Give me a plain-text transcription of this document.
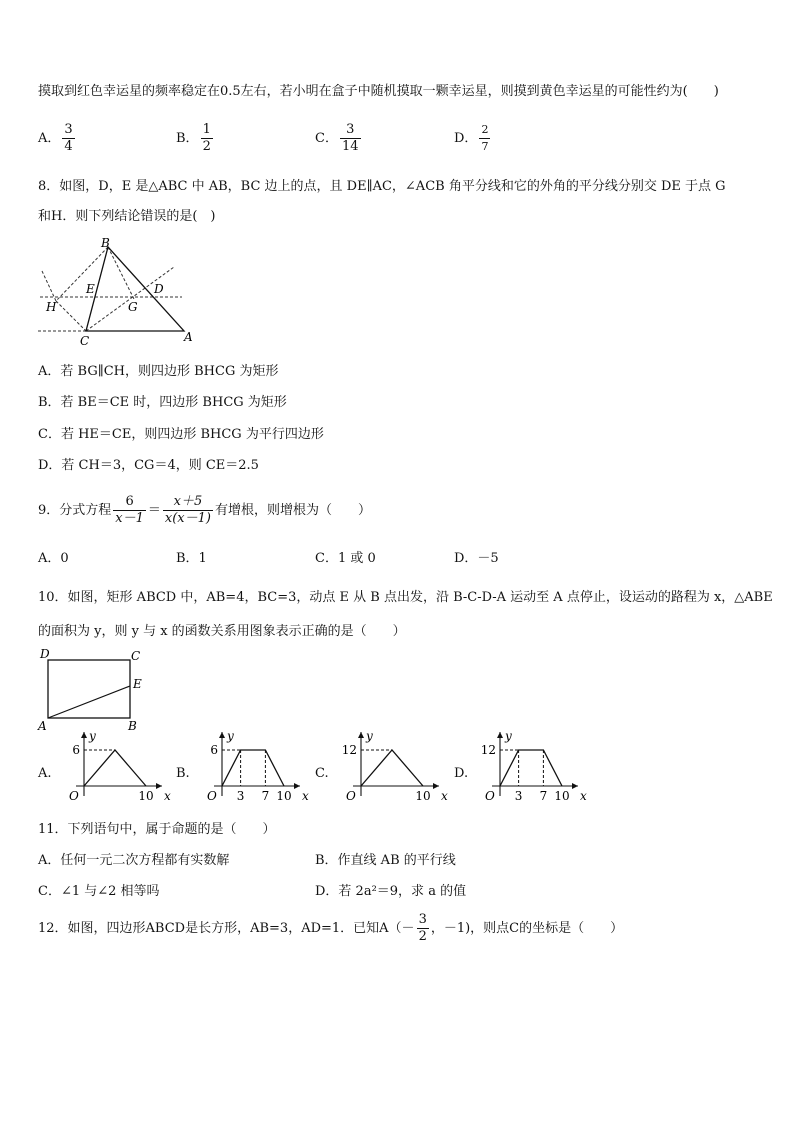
摸取到红色幸运星的频率稳定在0.5左右，若小明在盒子中随机摸取一颗幸运星，则摸到黄色幸运星的可能性约为(　　)
A． $\frac{3}{4}$	B． $\frac{1}{2}$	C． $\frac{3}{14}$	D． $\frac{2}{7}$
8．如图，D，E 是△ABC 中 AB，BC 边上的点，且 DE∥AC，∠ACB 角平分线和它的外角的平分线分别交 DE 于点 G
和H．则下列结论错误的是(　)
B
E	D
H	G
C	A
A．若 BG∥CH，则四边形 BHCG 为矩形
B．若 BE＝CE 时，四边形 BHCG 为矩形
C．若 HE＝CE，则四边形 BHCG 为平行四边形
D．若 CH＝3，CG＝4，则 CE＝2.5
9．分式方程 $\frac{6}{x-1} = \frac{x+5}{x(x-1)}$ 有增根，则增根为（　　）
A．0	B．1	C．1 或 0	D．－5
10．如图，矩形 ABCD 中，AB=4，BC=3，动点 E 从 B 点出发，沿 B-C-D-A 运动至 A 点停止，设运动的路程为 x，△ABE
的面积为 y，则 y 与 x 的函数关系用图象表示正确的是（　　）
D	C
E
A	B
A.
x
y
O
6
10
B.
x
y
O
6
3 7 10
C.
x
y
O
12
10
D.
x
y
O
12
3 7 10
11．下列语句中，属于命题的是（　　）
A．任何一元二次方程都有实数解	B．作直线 AB 的平行线
C．∠1 与∠2 相等吗	D．若 2a²＝9，求 a 的值
12．如图，四边形ABCD是长方形，AB=3，AD=1．已知$A(- \frac{3}{2}$ ，－1)，则点C的坐标是（　　）
